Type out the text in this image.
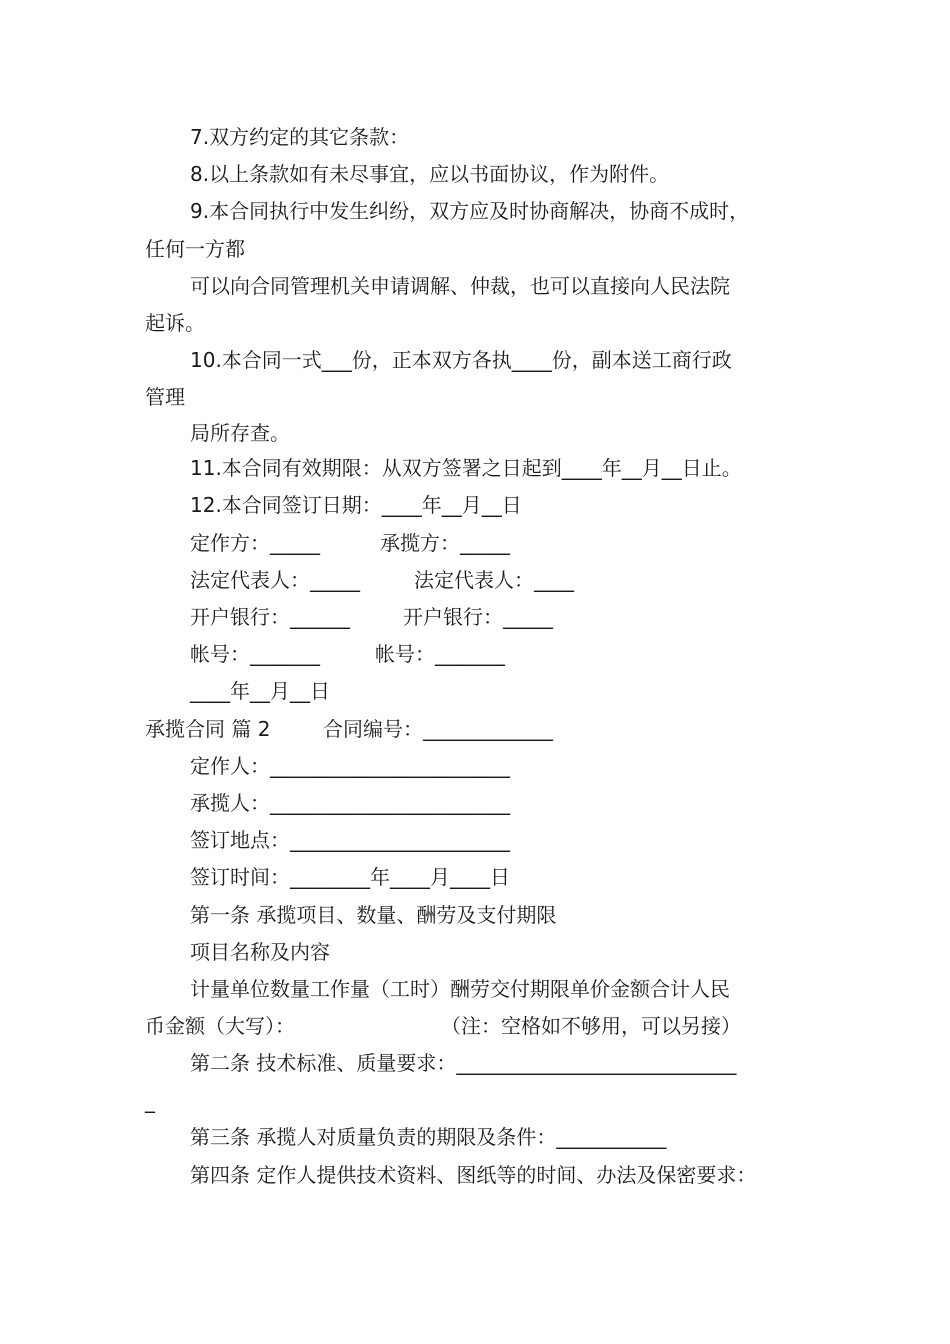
7.双方约定的其它条款：
8.以上条款如有未尽事宜，应以书面协议，作为附件。
9.本合同执行中发生纠纷，双方应及时协商解决，协商不成时，
任何一方都
可以向合同管理机关申请调解、仲裁，也可以直接向人民法院
起诉。
10.本合同一式___份，正本双方各执____份，副本送工商行政
管理
局所存查。
11.本合同有效期限：从双方签署之日起到____年__月__日止。
12.本合同签订日期：____年__月__日
定作方：_____	承揽方：_____
法定代表人：_____	法定代表人：____
开户银行：______	开户银行：_____
帐号：_______	帐号：_______
____年__月__日
承揽合同 篇 2	合同编号：_____________
定作人：________________________
承揽人：________________________
签订地点：______________________
签订时间：________年____月____日
第一条 承揽项目、数量、酬劳及支付期限
项目名称及内容
计量单位数量工作量（工时）酬劳交付期限单价金额合计人民
币金额（大写）：	（注：空格如不够用，可以另接）
第二条 技术标准、质量要求：____________________________
_
第三条 承揽人对质量负责的期限及条件：___________
第四条 定作人提供技术资料、图纸等的时间、办法及保密要求：
